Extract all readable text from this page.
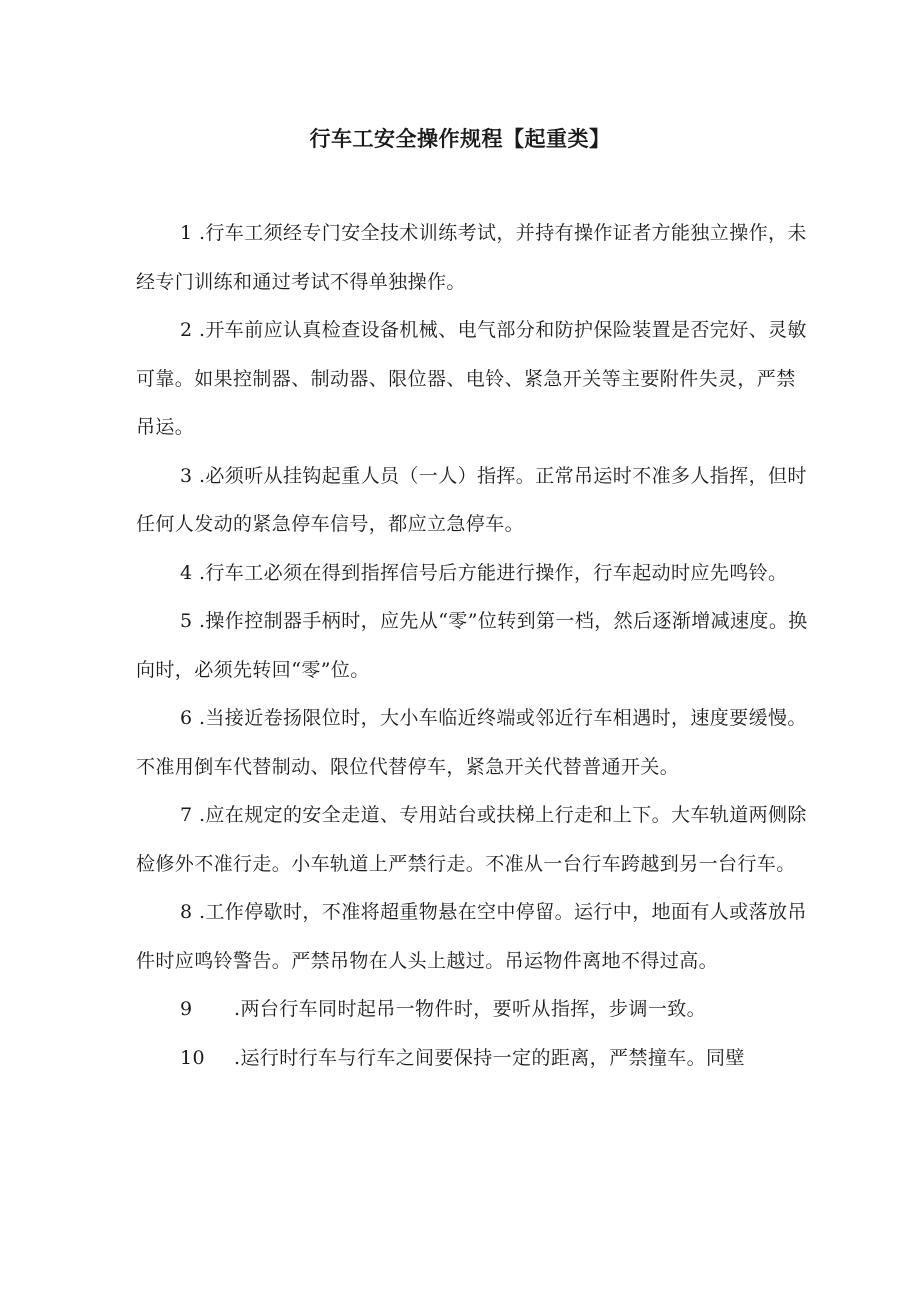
行车工安全操作规程【起重类】

1 .行车工须经专门安全技术训练考试，并持有操作证者方能独立操作，未经专门训练和通过考试不得单独操作。

2 .开车前应认真检查设备机械、电气部分和防护保险装置是否完好、灵敏可靠。如果控制器、制动器、限位器、电铃、紧急开关等主要附件失灵，严禁吊运。

3 .必须听从挂钩起重人员（一人）指挥。正常吊运时不准多人指挥，但时任何人发动的紧急停车信号，都应立急停车。

4 .行车工必须在得到指挥信号后方能进行操作，行车起动时应先鸣铃。

5 .操作控制器手柄时，应先从“零”位转到第一档，然后逐渐增减速度。换向时，必须先转回“零”位。

6 .当接近卷扬限位时，大小车临近终端或邻近行车相遇时，速度要缓慢。不准用倒车代替制动、限位代替停车，紧急开关代替普通开关。

7 .应在规定的安全走道、专用站台或扶梯上行走和上下。大车轨道两侧除检修外不准行走。小车轨道上严禁行走。不准从一台行车跨越到另一台行车。

8 .工作停歇时，不准将超重物悬在空中停留。运行中，地面有人或落放吊件时应鸣铃警告。严禁吊物在人头上越过。吊运物件离地不得过高。

9 .两台行车同时起吊一物件时，要听从指挥，步调一致。

10 .运行时行车与行车之间要保持一定的距离，严禁撞车。同壁
